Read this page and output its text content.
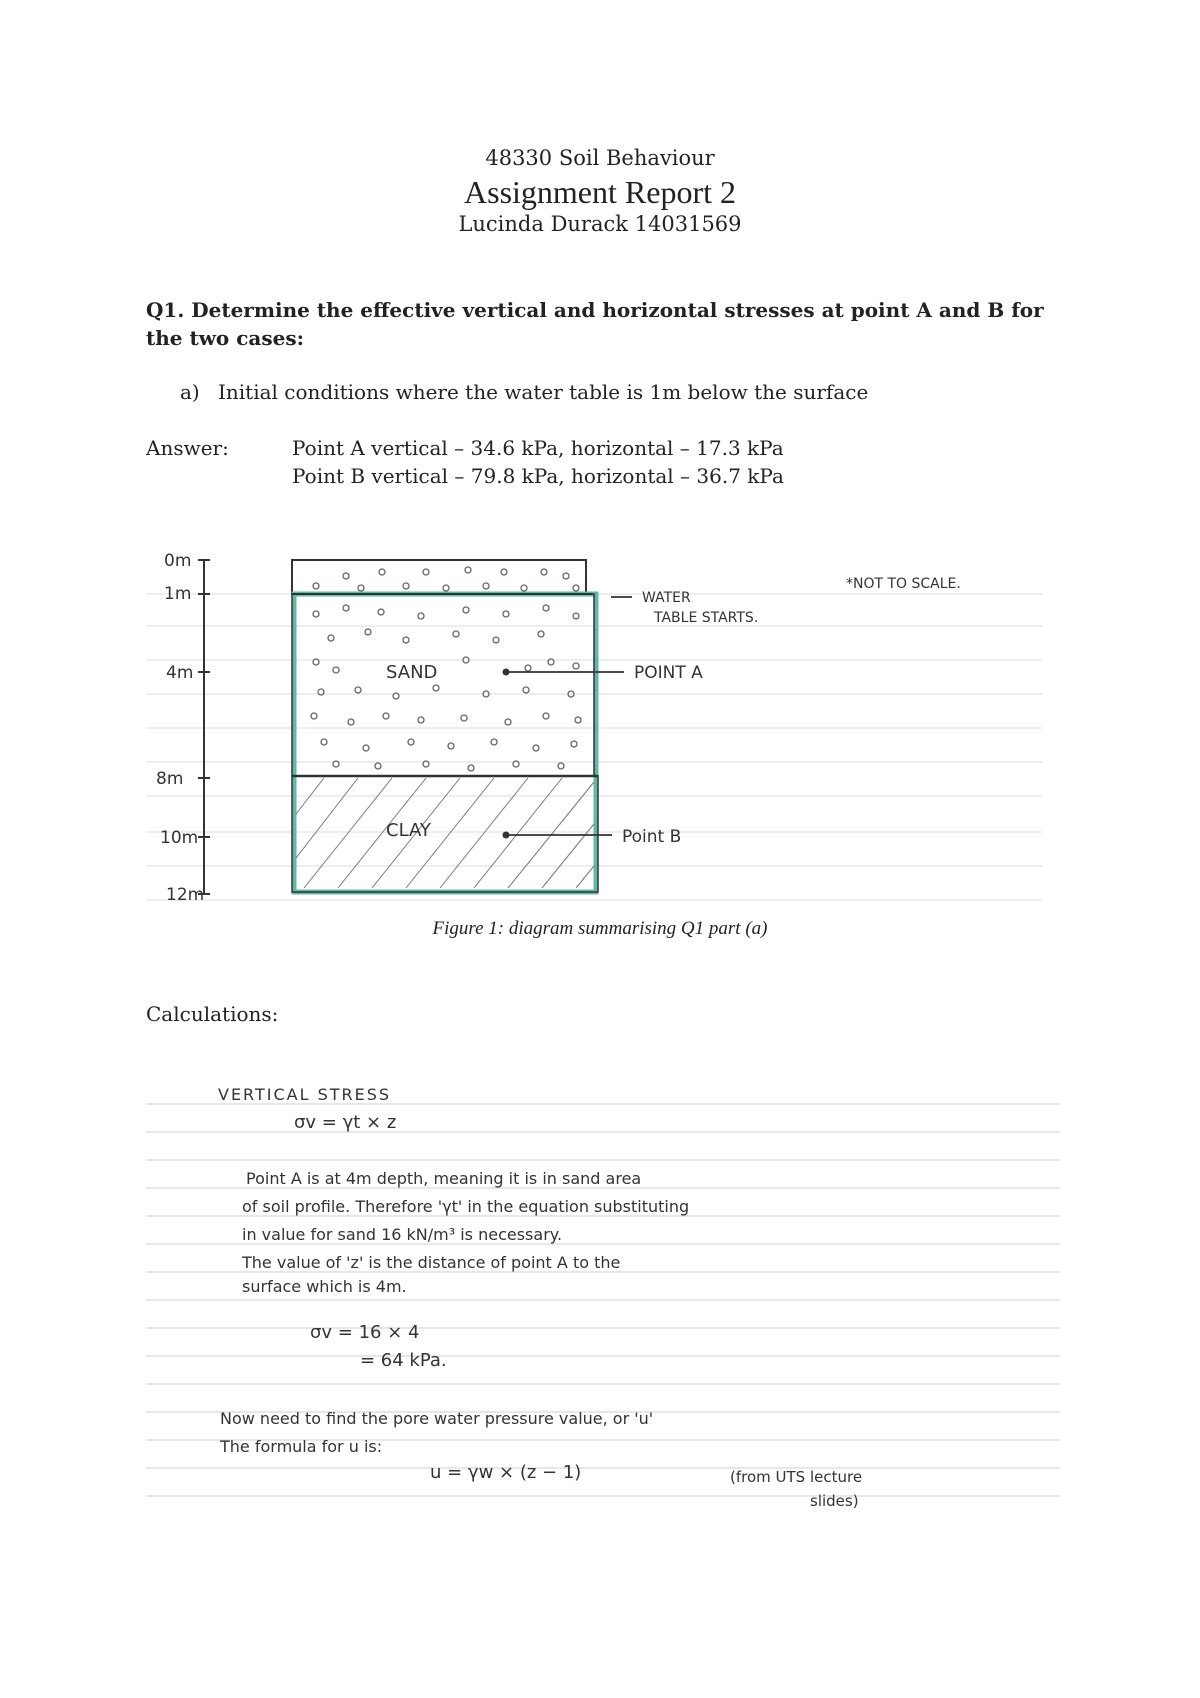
48330 Soil Behaviour
Assignment Report 2
Lucinda Durack 14031569
Q1. Determine the effective vertical and horizontal stresses at point A and B for the two cases:
a) Initial conditions where the water table is 1m below the surface
Answer:	Point A vertical – 34.6 kPa, horizontal – 17.3 kPa
Point B vertical – 79.8 kPa, horizontal – 36.7 kPa
0m
1m
4m
8m
10m
12m
SAND
CLAY
POINT A
Point B
WATER
TABLE STARTS.
*NOT TO SCALE.
Figure 1: diagram summarising Q1 part (a)
Calculations:
VERTICAL STRESS
σv = γt × z
Point A is at 4m depth, meaning it is in sand area
of soil profile. Therefore 'γt' in the equation substituting
in value for sand 16 kN/m³ is necessary.
The value of 'z' is the distance of point A to the
surface which is 4m.
σv = 16 × 4
= 64 kPa.
Now need to find the pore water pressure value, or 'u'
The formula for u is:
u = γw × (z − 1)	(from UTS lecture
slides)
